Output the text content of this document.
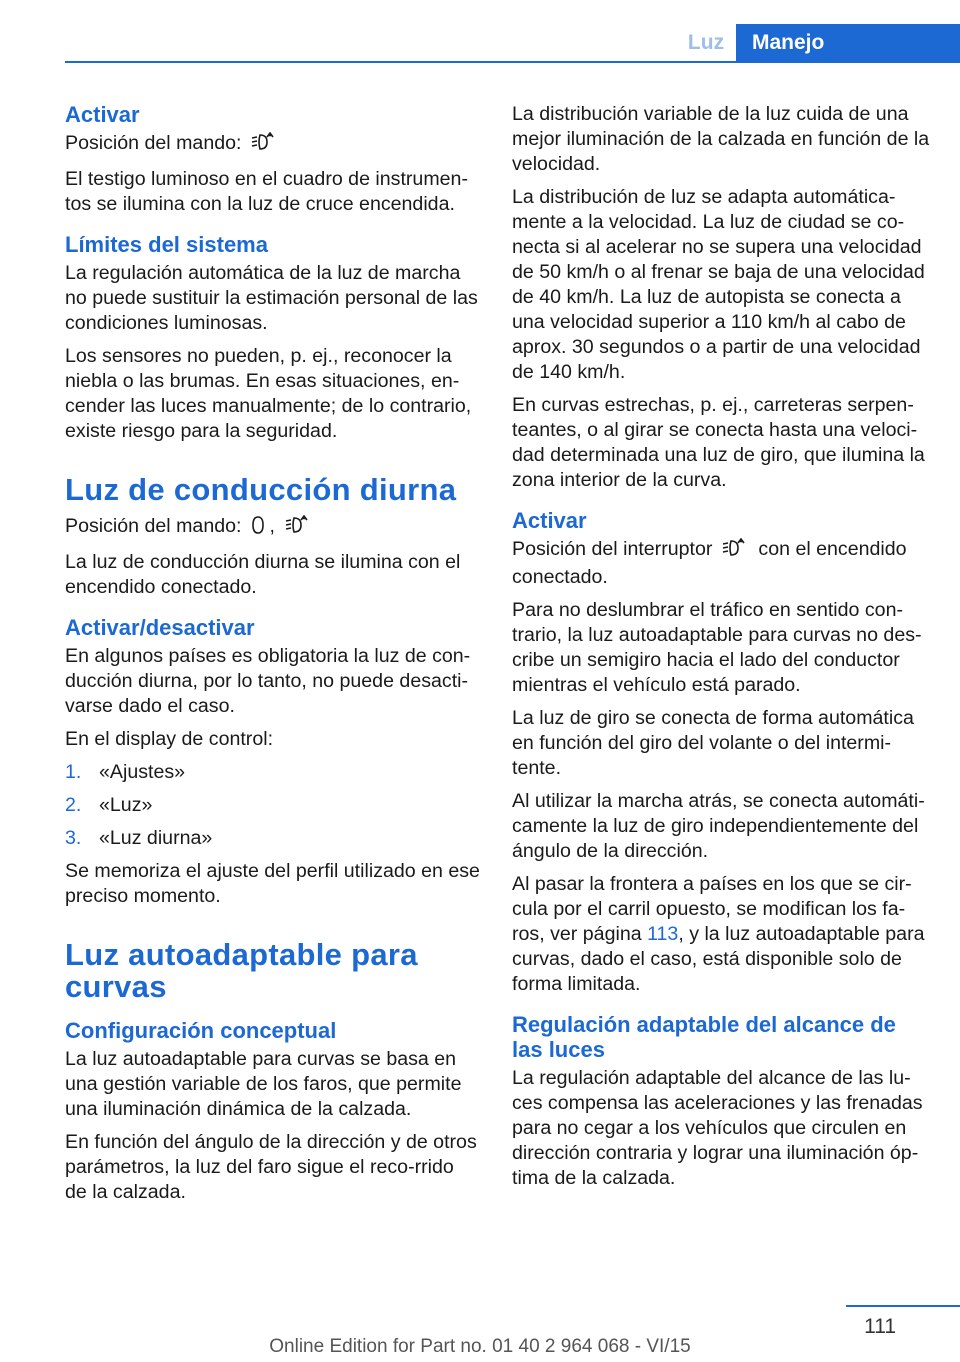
Luz	Manejo
Activar

Posición del mando:

El testigo luminoso en el cuadro de instrumen-tos se ilumina con la luz de cruce encendida.

Límites del sistema

La regulación automática de la luz de marcha no puede sustituir la estimación personal de las condiciones luminosas.

Los sensores no pueden, p. ej., reconocer la niebla o las brumas. En esas situaciones, en-cender las luces manualmente; de lo contrario, existe riesgo para la seguridad.

Luz de conducción diurna

Posición del mando: ,

La luz de conducción diurna se ilumina con el encendido conectado.

Activar/desactivar

En algunos países es obligatoria la luz de con-ducción diurna, por lo tanto, no puede desacti-varse dado el caso.

En el display de control:

1. «Ajustes»
2. «Luz»
3. «Luz diurna»

Se memoriza el ajuste del perfil utilizado en ese preciso momento.

Luz autoadaptable para curvas
Configuración conceptual

La luz autoadaptable para curvas se basa en una gestión variable de los faros, que permite una iluminación dinámica de la calzada.

En función del ángulo de la dirección y de otros parámetros, la luz del faro sigue el reco-rrido de la calzada.

La distribución variable de la luz cuida de una mejor iluminación de la calzada en función de la velocidad.

La distribución de luz se adapta automática-mente a la velocidad. La luz de ciudad se co-necta si al acelerar no se supera una velocidad de 50 km/h o al frenar se baja de una velocidad de 40 km/h. La luz de autopista se conecta a una velocidad superior a 110 km/h al cabo de aprox. 30 segundos o a partir de una velocidad de 140 km/h.

En curvas estrechas, p. ej., carreteras serpen-teantes, o al girar se conecta hasta una veloci-dad determinada una luz de giro, que ilumina la zona interior de la curva.

Activar

Posición del interruptor con el encendido conectado.

Para no deslumbrar el tráfico en sentido con-trario, la luz autoadaptable para curvas no des-cribe un semigiro hacia el lado del conductor mientras el vehículo está parado.

La luz de giro se conecta de forma automática en función del giro del volante o del intermi-tente.

Al utilizar la marcha atrás, se conecta automáti-camente la luz de giro independientemente del ángulo de la dirección.

Al pasar la frontera a países en los que se cir-cula por el carril opuesto, se modifican los fa-ros, ver página 113, y la luz autoadaptable para curvas, dado el caso, está disponible solo de forma limitada.

Regulación adaptable del alcance de las luces

La regulación adaptable del alcance de las lu-ces compensa las aceleraciones y las frenadas para no cegar a los vehículos que circulen en dirección contraria y lograr una iluminación óp-tima de la calzada.

111
Online Edition for Part no. 01 40 2 964 068 - VI/15
